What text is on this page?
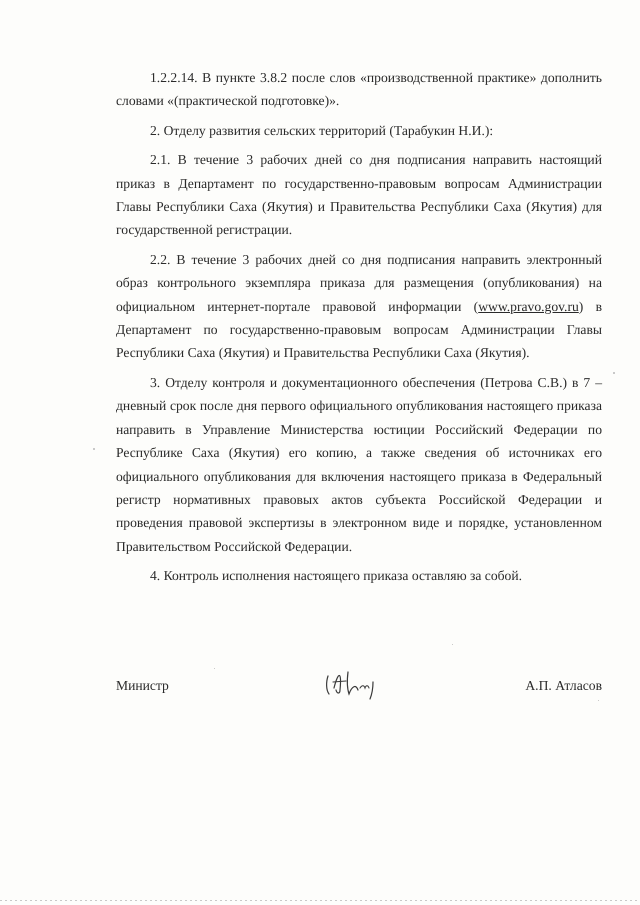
1.2.2.14. В пункте 3.8.2 после слов «производственной практике» дополнить словами «(практической подготовке)».

2. Отделу развития сельских территорий (Тарабукин Н.И.):

2.1. В течение 3 рабочих дней со дня подписания направить настоящий приказ в Департамент по государственно-правовым вопросам Администрации Главы Республики Саха (Якутия) и Правительства Республики Саха (Якутия) для государственной регистрации.

2.2. В течение 3 рабочих дней со дня подписания направить электронный образ контрольного экземпляра приказа для размещения (опубликования) на официальном интернет-портале правовой информации (www.pravo.gov.ru) в Департамент по государственно-правовым вопросам Администрации Главы Республики Саха (Якутия) и Правительства Республики Саха (Якутия).

3. Отделу контроля и документационного обеспечения (Петрова С.В.) в 7 – дневный срок после дня первого официального опубликования настоящего приказа направить в Управление Министерства юстиции Российский Федерации по Республике Саха (Якутия) его копию, а также сведения об источниках его официального опубликования для включения настоящего приказа в Федеральный регистр нормативных правовых актов субъекта Российской Федерации и проведения правовой экспертизы в электронном виде и порядке, установленном Правительством Российской Федерации.

4. Контроль исполнения настоящего приказа оставляю за собой.

Министр	А.П. Атласов
